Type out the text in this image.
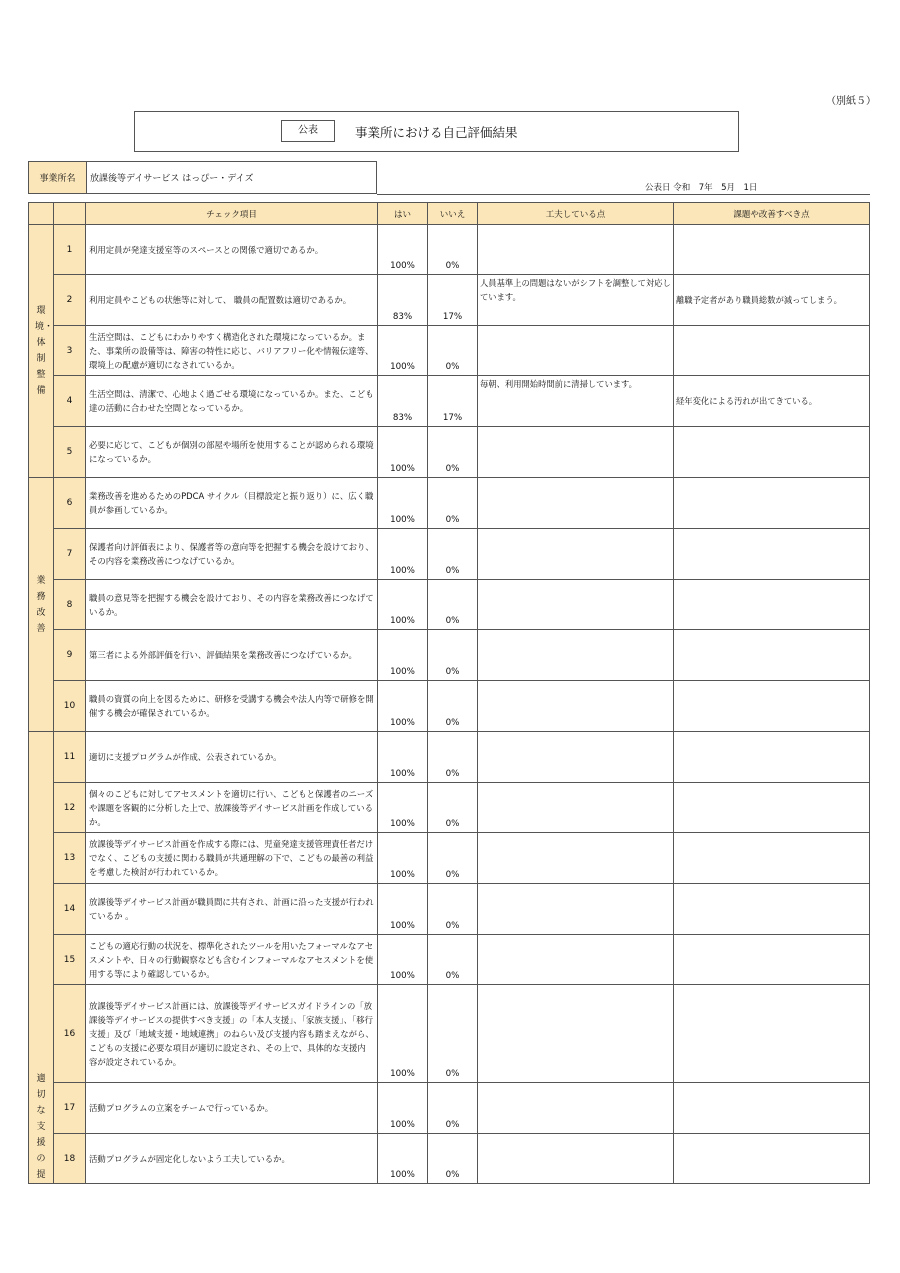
（別紙５）
公表	事業所における自己評価結果
事業所名	放課後等デイサービス はっぴー・デイズ
公表日 令和　7年　5月　1日
		チェック項目	はい	いいえ	工夫している点	課題や改善すべき点
環境・体制整備	1	利用定員が発達支援室等のスペースとの関係で適切であるか。	100%	0%		
	2	利用定員やこどもの状態等に対して、 職員の配置数は適切であるか。	83%	17%	人員基準上の問題はないがシフトを調整して対応しています。	離職予定者があり職員総数が減ってしまう。
	3	生活空間は、こどもにわかりやすく構造化された環境になっているか。また、事業所の設備等は、障害の特性に応じ、バリアフリー化や情報伝達等、環境上の配慮が適切になされているか。	100%	0%		
	4	生活空間は、清潔で、心地よく過ごせる環境になっているか。また、こども達の活動に合わせた空間となっているか。	83%	17%	毎朝、利用開始時間前に清掃しています。	経年変化による汚れが出てきている。
	5	必要に応じて、こどもが個別の部屋や場所を使用することが認められる環境になっているか。	100%	0%		
業務改善	6	業務改善を進めるためのPDCA サイクル（目標設定と振り返り）に、広く職員が参画しているか。	100%	0%		
	7	保護者向け評価表により、保護者等の意向等を把握する機会を設けており、その内容を業務改善につなげているか。	100%	0%		
	8	職員の意見等を把握する機会を設けており、その内容を業務改善につなげているか。	100%	0%		
	9	第三者による外部評価を行い、評価結果を業務改善につなげているか。	100%	0%		
	10	職員の資質の向上を図るために、研修を受講する機会や法人内等で研修を開催する機会が確保されているか。	100%	0%		
適切な支援の提	11	適切に支援プログラムが作成、公表されているか。	100%	0%		
	12	個々のこどもに対してアセスメントを適切に行い、こどもと保護者のニーズや課題を客観的に分析した上で、放課後等デイサービス計画を作成しているか。	100%	0%		
	13	放課後等デイサービス計画を作成する際には、児童発達支援管理責任者だけでなく、こどもの支援に関わる職員が共通理解の下で、こどもの最善の利益を考慮した検討が行われているか。	100%	0%		
	14	放課後等デイサービス計画が職員間に共有され、計画に沿った支援が行われているか 。	100%	0%		
	15	こどもの適応行動の状況を、標準化されたツールを用いたフォーマルなアセスメントや、日々の行動観察なども含むインフォーマルなアセスメントを使用する等により確認しているか。	100%	0%		
	16	放課後等デイサービス計画には、放課後等デイサービスガイドラインの「放課後等デイサービスの提供すべき支援」の「本人支援」、「家族支援」、「移行支援」及び「地域支援・地域連携」のねらい及び支援内容も踏まえながら、こどもの支援に必要な項目が適切に設定され、その上で、具体的な支援内容が設定されているか。	100%	0%		
	17	活動プログラムの立案をチームで行っているか。	100%	0%		
	18	活動プログラムが固定化しないよう工夫しているか。	100%	0%		
